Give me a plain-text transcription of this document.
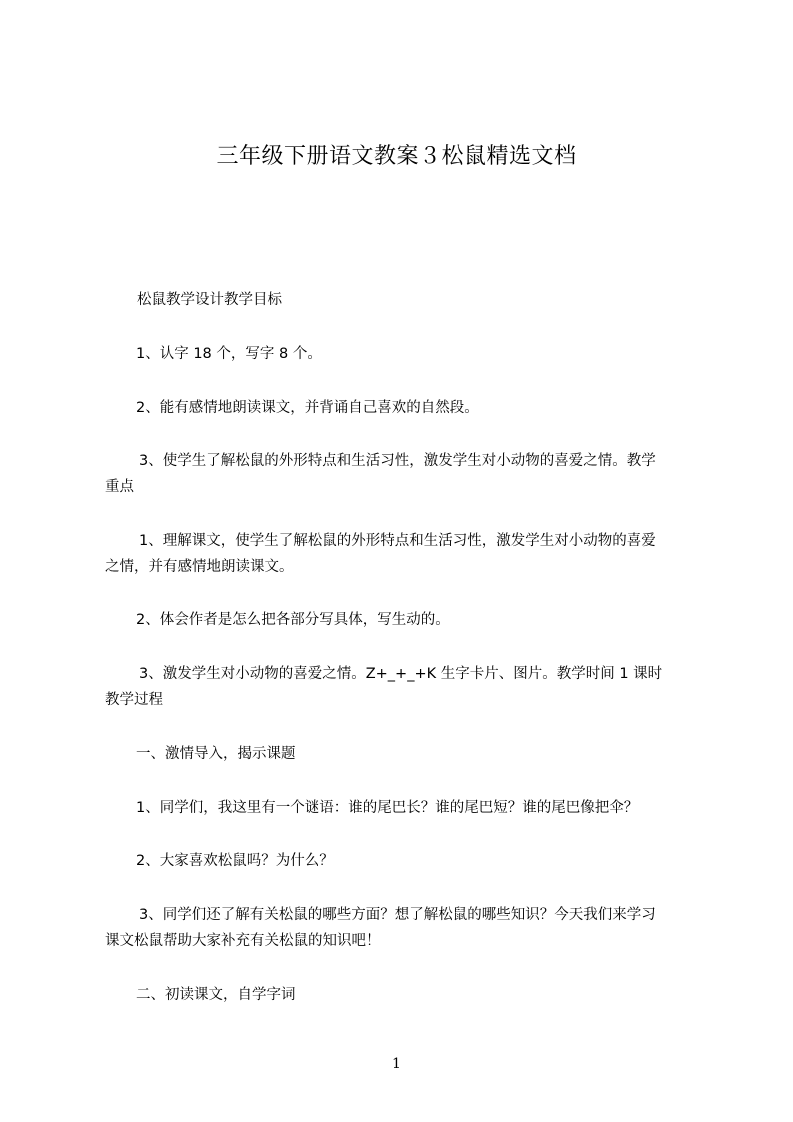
三年级下册语文教案３松鼠精选文档
松鼠教学设计教学目标
1、认字 18 个，写字 8 个。
2、能有感情地朗读课文，并背诵自己喜欢的自然段。
3、使学生了解松鼠的外形特点和生活习性，激发学生对小动物的喜爱之情。教学
重点
1、理解课文，使学生了解松鼠的外形特点和生活习性，激发学生对小动物的喜爱
之情，并有感情地朗读课文。
2、体会作者是怎么把各部分写具体，写生动的。
3、激发学生对小动物的喜爱之情。Z+_+_+K 生字卡片、图片。教学时间 1 课时
教学过程
一、激情导入，揭示课题
1、同学们，我这里有一个谜语：谁的尾巴长？谁的尾巴短？谁的尾巴像把伞？
2、大家喜欢松鼠吗？为什么？
3、同学们还了解有关松鼠的哪些方面？想了解松鼠的哪些知识？今天我们来学习
课文松鼠帮助大家补充有关松鼠的知识吧！
二、初读课文，自学字词
1
